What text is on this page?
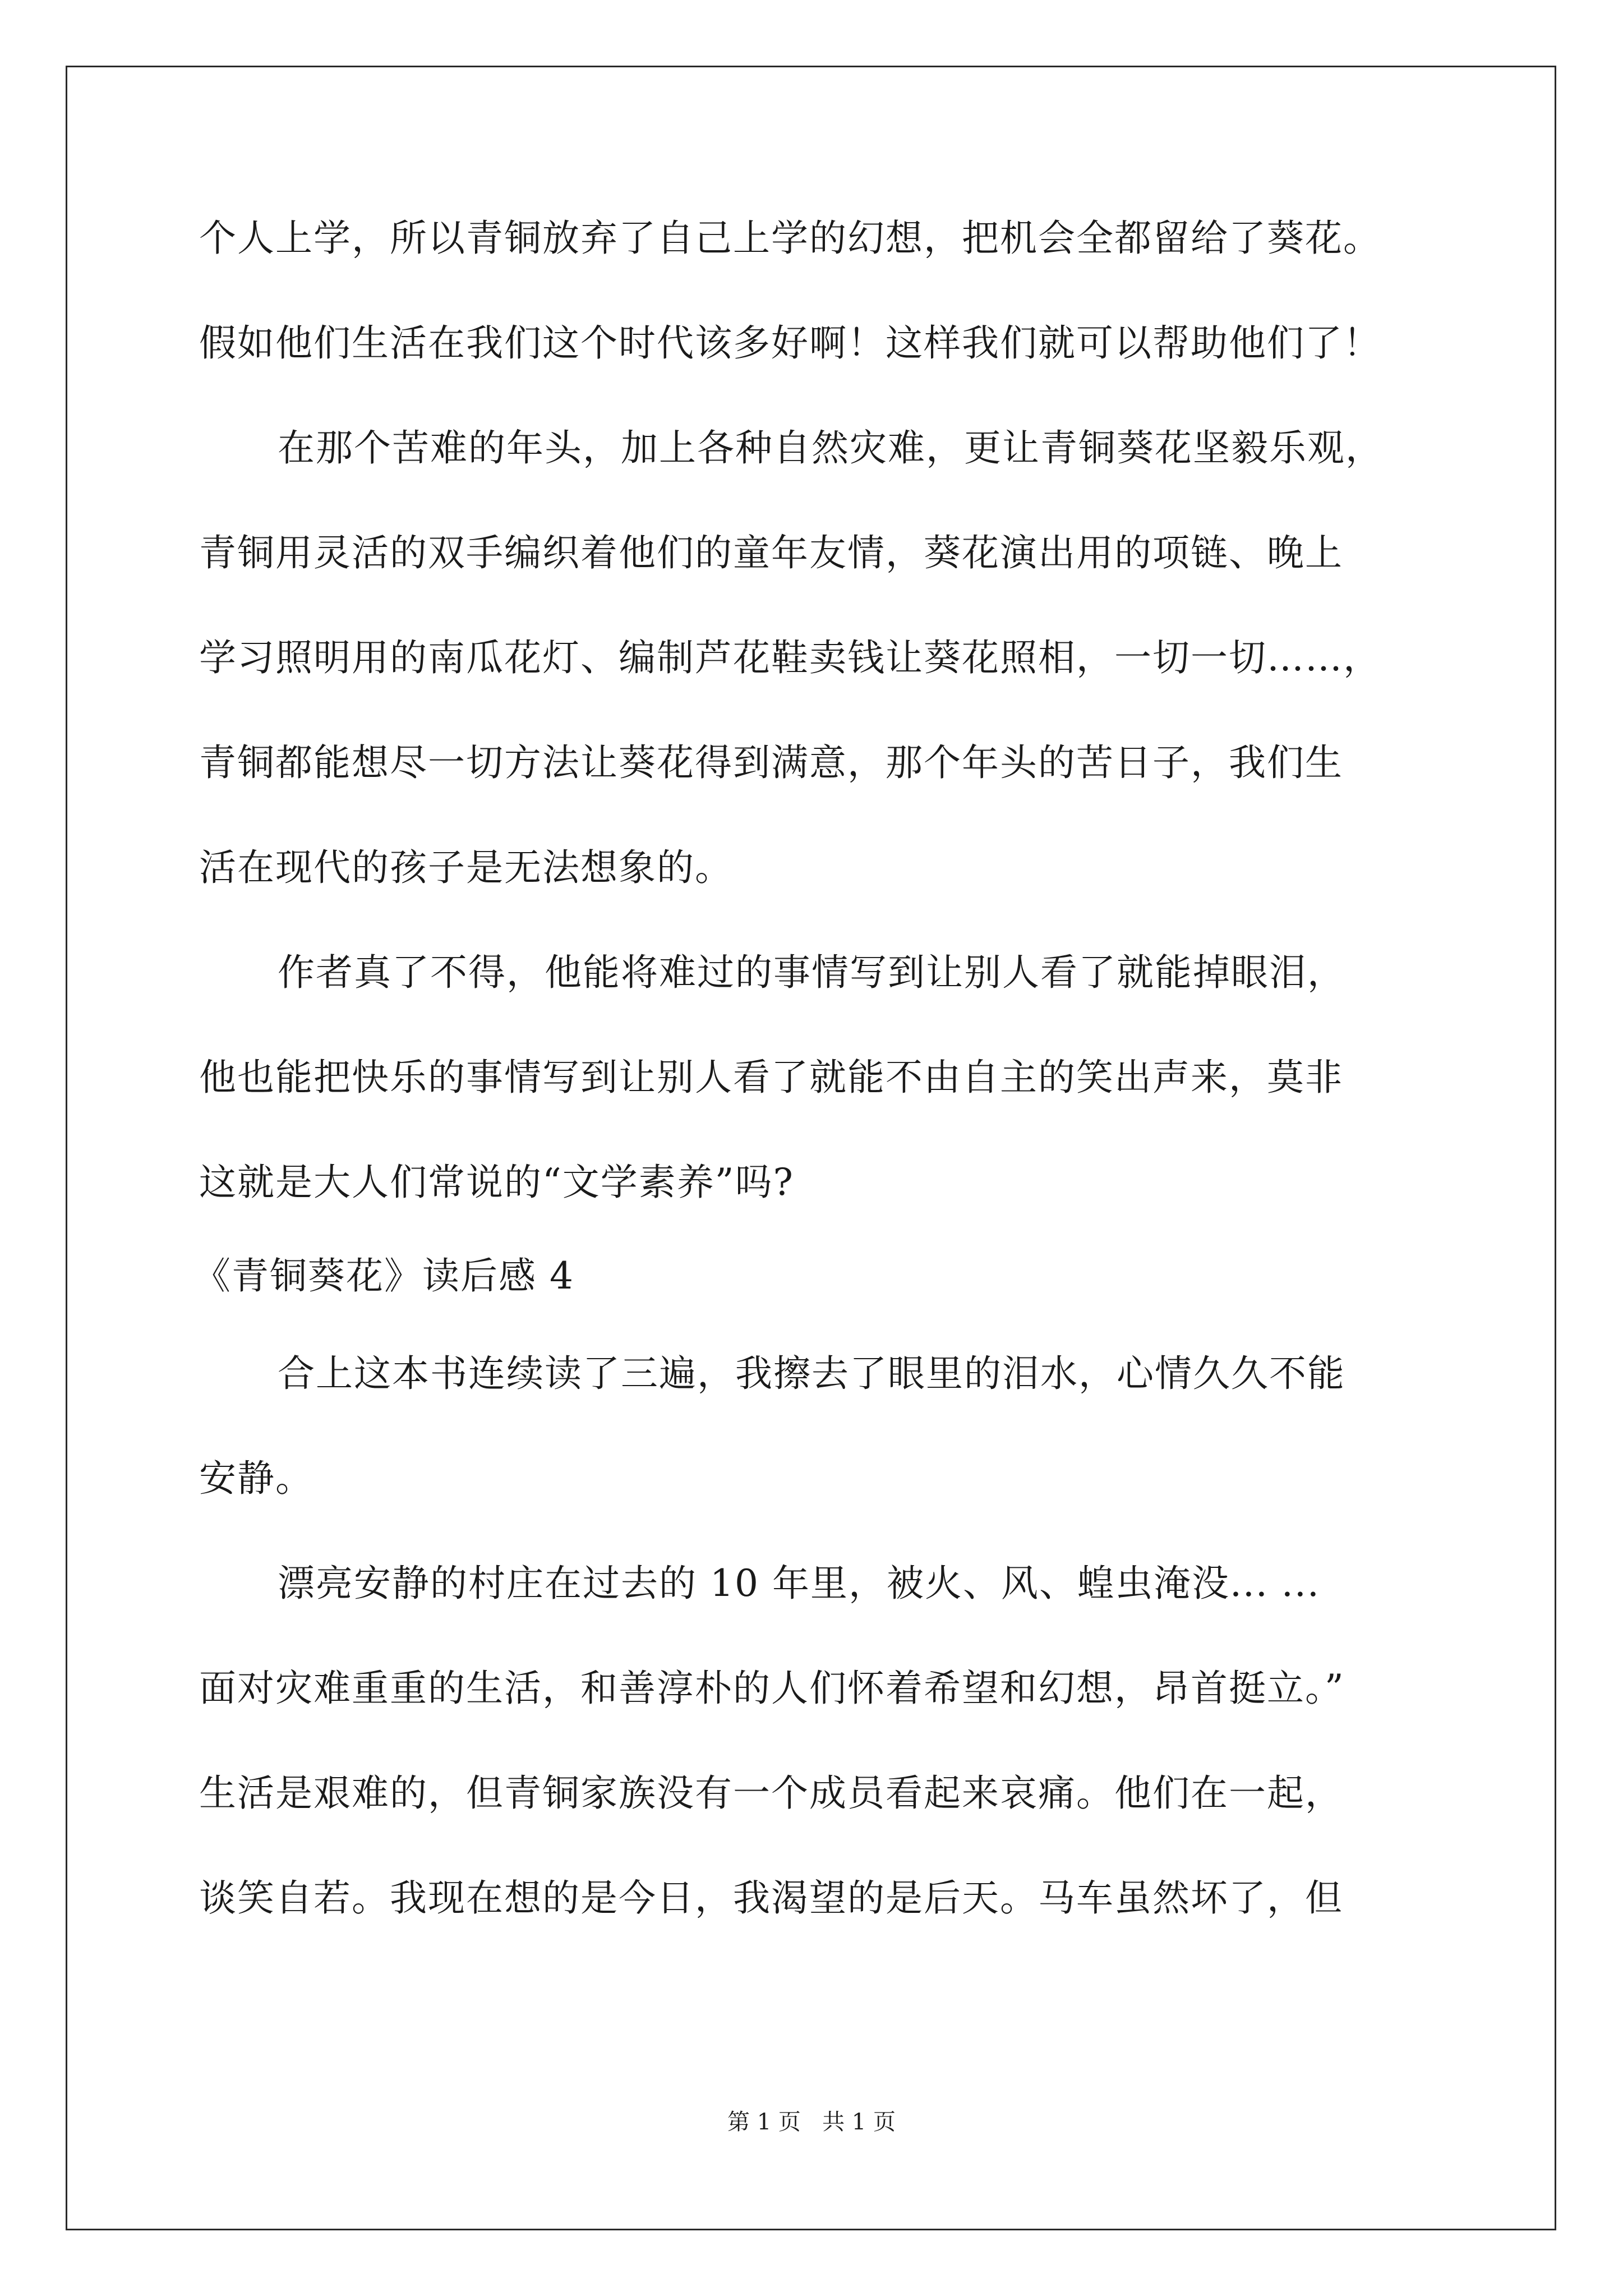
个人上学，所以青铜放弃了自己上学的幻想，把机会全都留给了葵花。
假如他们生活在我们这个时代该多好啊！这样我们就可以帮助他们了！
在那个苦难的年头，加上各种自然灾难，更让青铜葵花坚毅乐观，
青铜用灵活的双手编织着他们的童年友情，葵花演出用的项链、晚上
学习照明用的南瓜花灯、编制芦花鞋卖钱让葵花照相，一切一切……，
青铜都能想尽一切方法让葵花得到满意，那个年头的苦日子，我们生
活在现代的孩子是无法想象的。
作者真了不得，他能将难过的事情写到让别人看了就能掉眼泪，
他也能把快乐的事情写到让别人看了就能不由自主的笑出声来，莫非
这就是大人们常说的“文学素养”吗?
《青铜葵花》读后感 4
合上这本书连续读了三遍，我擦去了眼里的泪水，心情久久不能
安静。
漂亮安静的村庄在过去的 10 年里，被火、风、蝗虫淹没... ...
面对灾难重重的生活，和善淳朴的人们怀着希望和幻想，昂首挺立。”
生活是艰难的，但青铜家族没有一个成员看起来哀痛。他们在一起，
谈笑自若。我现在想的是今日，我渴望的是后天。马车虽然坏了，但
第 1 页   共 1 页
